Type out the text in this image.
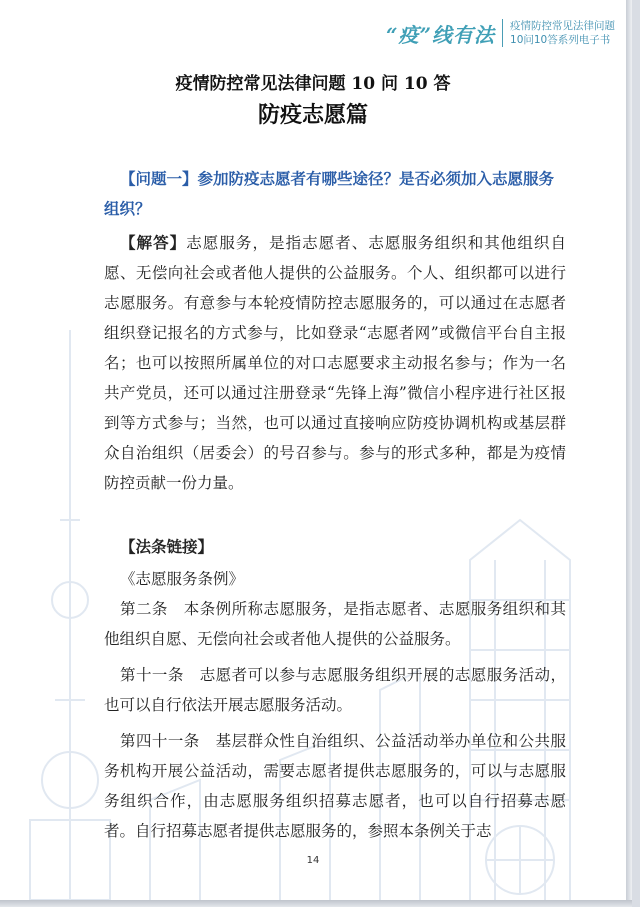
“疫”线有法 疫情防控常见法律问题
10问10答系列电子书
疫情防控常见法律问题 10 问 10 答
防疫志愿篇

【问题一】参加防疫志愿者有哪些途径？是否必须加入志愿服务组织？

【解答】志愿服务，是指志愿者、志愿服务组织和其他组织自愿、无偿向社会或者他人提供的公益服务。个人、组织都可以进行志愿服务。有意参与本轮疫情防控志愿服务的，可以通过在志愿者组织登记报名的方式参与，比如登录“志愿者网”或微信平台自主报名；也可以按照所属单位的对口志愿要求主动报名参与；作为一名共产党员，还可以通过注册登录“先锋上海”微信小程序进行社区报到等方式参与；当然，也可以通过直接响应防疫协调机构或基层群众自治组织（居委会）的号召参与。参与的形式多种，都是为疫情防控贡献一份力量。

【法条链接】

《志愿服务条例》

第二条  本条例所称志愿服务，是指志愿者、志愿服务组织和其他组织自愿、无偿向社会或者他人提供的公益服务。

第十一条  志愿者可以参与志愿服务组织开展的志愿服务活动，也可以自行依法开展志愿服务活动。

第四十一条  基层群众性自治组织、公益活动举办单位和公共服务机构开展公益活动，需要志愿者提供志愿服务的，可以与志愿服务组织合作，由志愿服务组织招募志愿者，也可以自行招募志愿者。自行招募志愿者提供志愿服务的，参照本条例关于志

14
